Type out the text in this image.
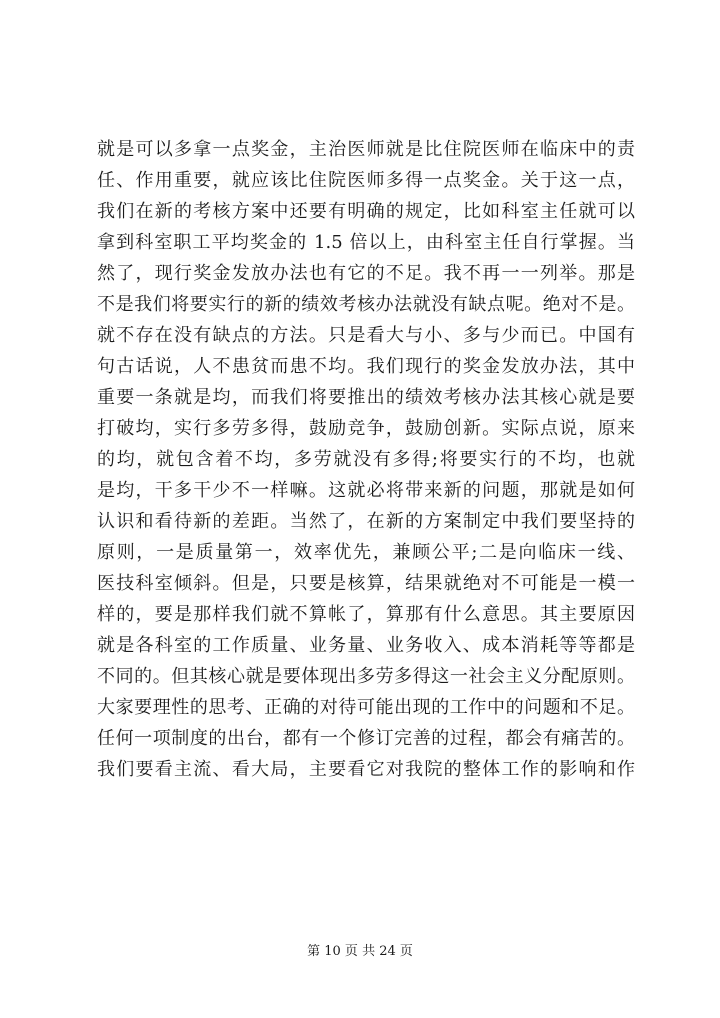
就是可以多拿一点奖金，主治医师就是比住院医师在临床中的责
任、作用重要，就应该比住院医师多得一点奖金。关于这一点，
我们在新的考核方案中还要有明确的规定，比如科室主任就可以
拿到科室职工平均奖金的 1.5 倍以上，由科室主任自行掌握。当
然了，现行奖金发放办法也有它的不足。我不再一一列举。那是
不是我们将要实行的新的绩效考核办法就没有缺点呢。绝对不是。
就不存在没有缺点的方法。只是看大与小、多与少而已。中国有
句古话说，人不患贫而患不均。我们现行的奖金发放办法，其中
重要一条就是均，而我们将要推出的绩效考核办法其核心就是要
打破均，实行多劳多得，鼓励竞争，鼓励创新。实际点说，原来
的均，就包含着不均，多劳就没有多得;将要实行的不均，也就
是均，干多干少不一样嘛。这就必将带来新的问题，那就是如何
认识和看待新的差距。当然了，在新的方案制定中我们要坚持的
原则，一是质量第一，效率优先，兼顾公平;二是向临床一线、
医技科室倾斜。但是，只要是核算，结果就绝对不可能是一模一
样的，要是那样我们就不算帐了，算那有什么意思。其主要原因
就是各科室的工作质量、业务量、业务收入、成本消耗等等都是
不同的。但其核心就是要体现出多劳多得这一社会主义分配原则。
大家要理性的思考、正确的对待可能出现的工作中的问题和不足。
任何一项制度的出台，都有一个修订完善的过程，都会有痛苦的。
我们要看主流、看大局，主要看它对我院的整体工作的影响和作
第 10 页 共 24 页
